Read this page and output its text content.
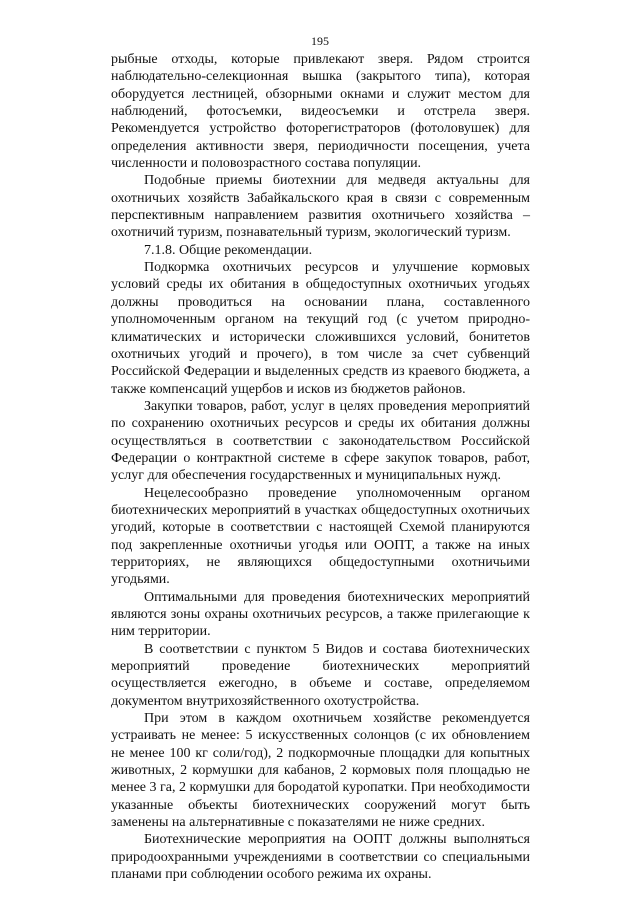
195

рыбные отходы, которые привлекают зверя. Рядом строится наблюдательно-селекционная вышка (закрытого типа), которая оборудуется лестницей, обзорными окнами и служит местом для наблюдений, фотосъемки, видеосъемки и отстрела зверя. Рекомендуется устройство фоторегистраторов (фотоловушек) для определения активности зверя, периодичности посещения, учета численности и половозрастного состава популяции.

Подобные приемы биотехнии для медведя актуальны для охотничьих хозяйств Забайкальского края в связи с современным перспективным направлением развития охотничьего хозяйства – охотничий туризм, познавательный туризм, экологический туризм.

7.1.8. Общие рекомендации.

Подкормка охотничьих ресурсов и улучшение кормовых условий среды их обитания в общедоступных охотничьих угодьях должны проводиться на основании плана, составленного уполномоченным органом на текущий год (с учетом природно-климатических и исторически сложившихся условий, бонитетов охотничьих угодий и прочего), в том числе за счет субвенций Российской Федерации и выделенных средств из краевого бюджета, а также компенсаций ущербов и исков из бюджетов районов.

Закупки товаров, работ, услуг в целях проведения мероприятий по сохранению охотничьих ресурсов и среды их обитания должны осуществляться в соответствии с законодательством Российской Федерации о контрактной системе в сфере закупок товаров, работ, услуг для обеспечения государственных и муниципальных нужд.

Нецелесообразно проведение уполномоченным органом биотехнических мероприятий в участках общедоступных охотничьих угодий, которые в соответствии с настоящей Схемой планируются под закрепленные охотничьи угодья или ООПТ, а также на иных территориях, не являющихся общедоступными охотничьими угодьями.

Оптимальными для проведения биотехнических мероприятий являются зоны охраны охотничьих ресурсов, а также прилегающие к ним территории.

В соответствии с пунктом 5 Видов и состава биотехнических мероприятий проведение биотехнических мероприятий осуществляется ежегодно, в объеме и составе, определяемом документом внутрихозяйственного охотустройства.

При этом в каждом охотничьем хозяйстве рекомендуется устраивать не менее: 5 искусственных солонцов (с их обновлением не менее 100 кг соли/год), 2 подкормочные площадки для копытных животных, 2 кормушки для кабанов, 2 кормовых поля площадью не менее 3 га, 2 кормушки для бородатой куропатки. При необходимости указанные объекты биотехнических сооружений могут быть заменены на альтернативные с показателями не ниже средних.

Биотехнические мероприятия на ООПТ должны выполняться природоохранными учреждениями в соответствии со специальными планами при соблюдении особого режима их охраны.
